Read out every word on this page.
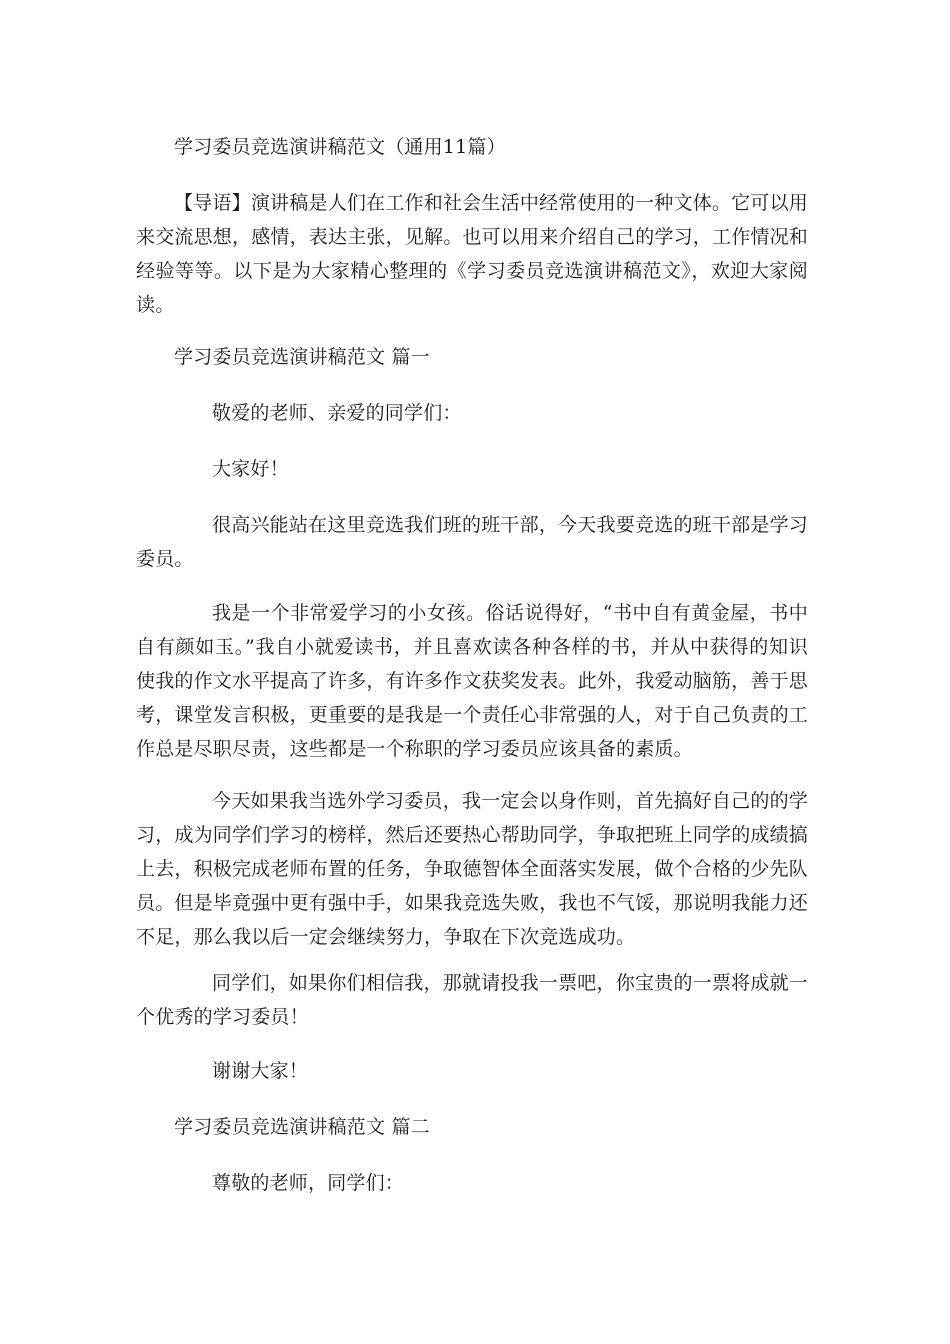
学习委员竞选演讲稿范文（通用11篇）

【导语】演讲稿是人们在工作和社会生活中经常使用的一种文体。它可以用来交流思想，感情，表达主张，见解。也可以用来介绍自己的学习，工作情况和经验等等。以下是为大家精心整理的《学习委员竞选演讲稿范文》，欢迎大家阅读。

学习委员竞选演讲稿范文 篇一

敬爱的老师、亲爱的同学们：

大家好！

很高兴能站在这里竞选我们班的班干部，今天我要竞选的班干部是学习委员。

我是一个非常爱学习的小女孩。俗话说得好，“书中自有黄金屋，书中自有颜如玉。”我自小就爱读书，并且喜欢读各种各样的书，并从中获得的知识使我的作文水平提高了许多，有许多作文获奖发表。此外，我爱动脑筋，善于思考，课堂发言积极，更重要的是我是一个责任心非常强的人，对于自己负责的工作总是尽职尽责，这些都是一个称职的学习委员应该具备的素质。

今天如果我当选外学习委员，我一定会以身作则，首先搞好自己的的学习，成为同学们学习的榜样，然后还要热心帮助同学，争取把班上同学的成绩搞上去，积极完成老师布置的任务，争取德智体全面落实发展，做个合格的少先队员。但是毕竟强中更有强中手，如果我竞选失败，我也不气馁，那说明我能力还不足，那么我以后一定会继续努力，争取在下次竞选成功。

同学们，如果你们相信我，那就请投我一票吧，你宝贵的一票将成就一个优秀的学习委员！

谢谢大家！

学习委员竞选演讲稿范文 篇二

尊敬的老师，同学们：
